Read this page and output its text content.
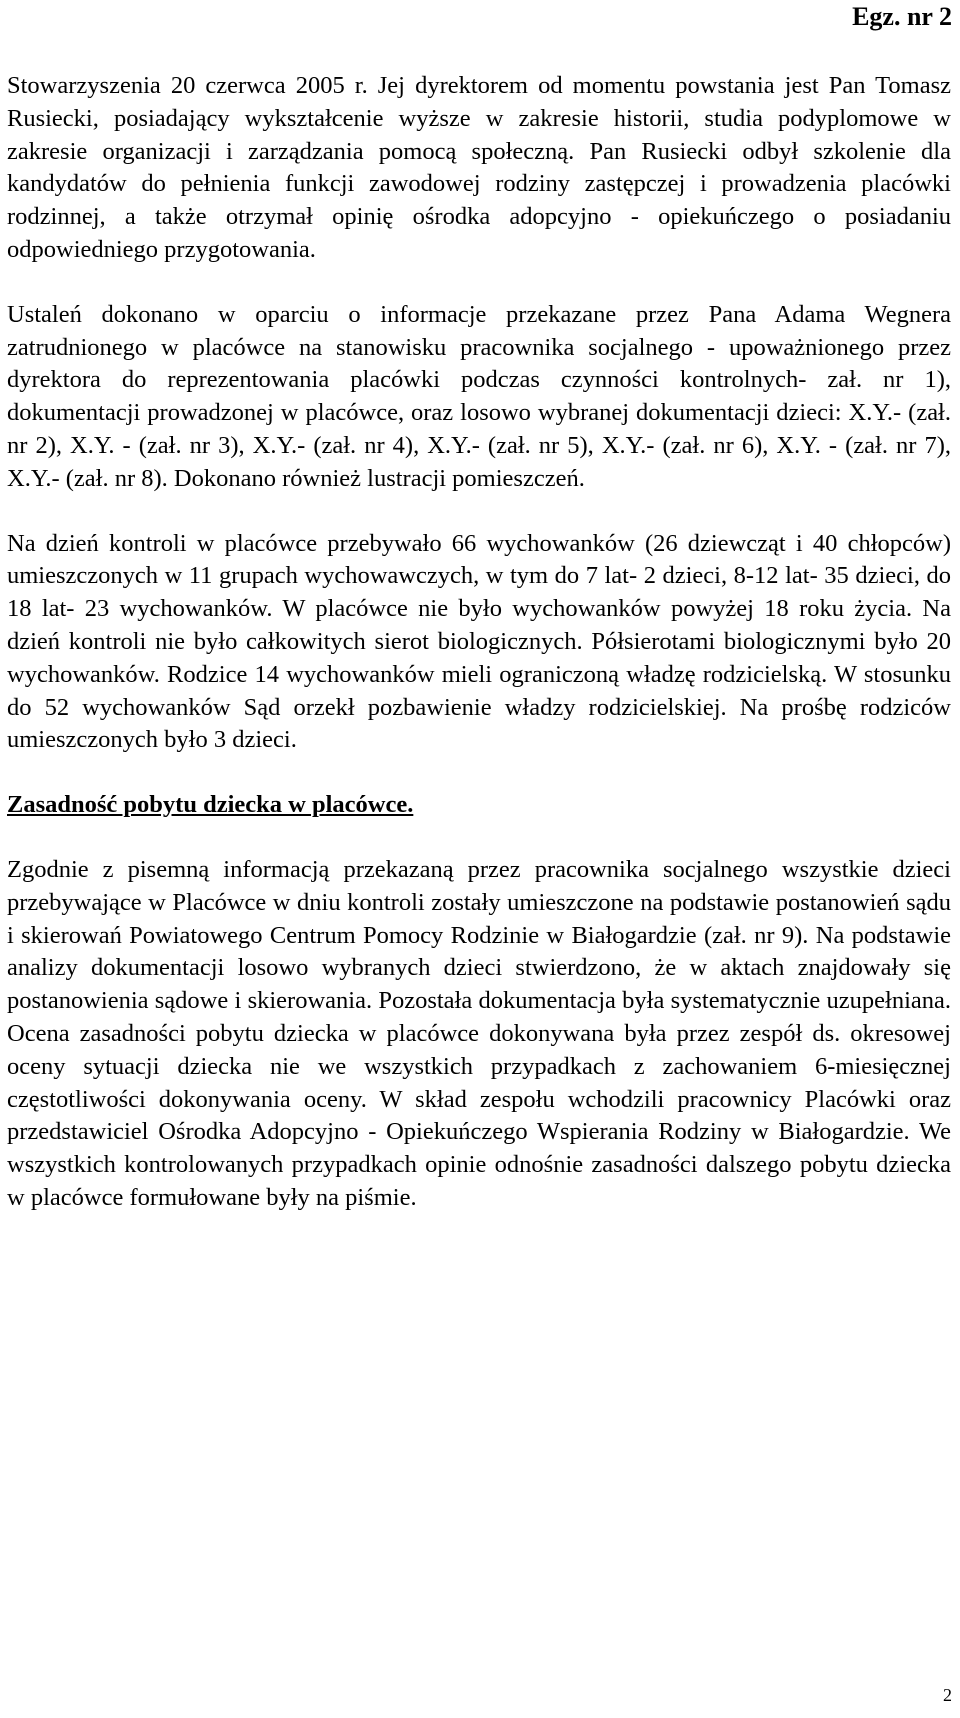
Egz. nr 2

Stowarzyszenia 20 czerwca 2005 r. Jej dyrektorem od momentu powstania jest Pan Tomasz Rusiecki, posiadający wykształcenie wyższe w zakresie historii, studia podyplomowe w zakresie organizacji i zarządzania pomocą społeczną. Pan Rusiecki odbył szkolenie dla kandydatów do pełnienia funkcji zawodowej rodziny zastępczej i prowadzenia placówki rodzinnej, a także otrzymał opinię ośrodka adopcyjno - opiekuńczego o posiadaniu odpowiedniego przygotowania.

Ustaleń dokonano w oparciu o informacje przekazane przez Pana Adama Wegnera zatrudnionego w placówce na stanowisku pracownika socjalnego - upoważnionego przez dyrektora do reprezentowania placówki podczas czynności kontrolnych- zał. nr 1), dokumentacji prowadzonej w placówce, oraz losowo wybranej dokumentacji dzieci: X.Y.- (zał. nr 2), X.Y. - (zał. nr 3), X.Y.- (zał. nr 4), X.Y.- (zał. nr 5), X.Y.- (zał. nr 6), X.Y. - (zał. nr 7), X.Y.- (zał. nr 8). Dokonano również lustracji pomieszczeń.

Na dzień kontroli w placówce przebywało 66 wychowanków (26 dziewcząt i 40 chłopców) umieszczonych w 11 grupach wychowawczych, w tym do 7 lat- 2 dzieci, 8-12 lat- 35 dzieci, do 18 lat- 23 wychowanków. W placówce nie było wychowanków powyżej 18 roku życia. Na dzień kontroli nie było całkowitych sierot biologicznych. Półsierotami biologicznymi było 20 wychowanków. Rodzice 14 wychowanków mieli ograniczoną władzę rodzicielską. W stosunku do 52 wychowanków Sąd orzekł pozbawienie władzy rodzicielskiej. Na prośbę rodziców umieszczonych było 3 dzieci.

Zasadność pobytu dziecka w placówce.

Zgodnie z pisemną informacją przekazaną przez pracownika socjalnego wszystkie dzieci przebywające w Placówce w dniu kontroli zostały umieszczone na podstawie postanowień sądu i skierowań Powiatowego Centrum Pomocy Rodzinie w Białogardzie (zał. nr 9). Na podstawie analizy dokumentacji losowo wybranych dzieci stwierdzono, że w aktach znajdowały się postanowienia sądowe i skierowania. Pozostała dokumentacja była systematycznie uzupełniana. Ocena zasadności pobytu dziecka w placówce dokonywana była przez zespół ds. okresowej oceny sytuacji dziecka nie we wszystkich przypadkach z zachowaniem 6-miesięcznej częstotliwości dokonywania oceny. W skład zespołu wchodzili pracownicy Placówki oraz przedstawiciel Ośrodka Adopcyjno - Opiekuńczego Wspierania Rodziny w Białogardzie. We wszystkich kontrolowanych przypadkach opinie odnośnie zasadności dalszego pobytu dziecka w placówce formułowane były na piśmie.

2
